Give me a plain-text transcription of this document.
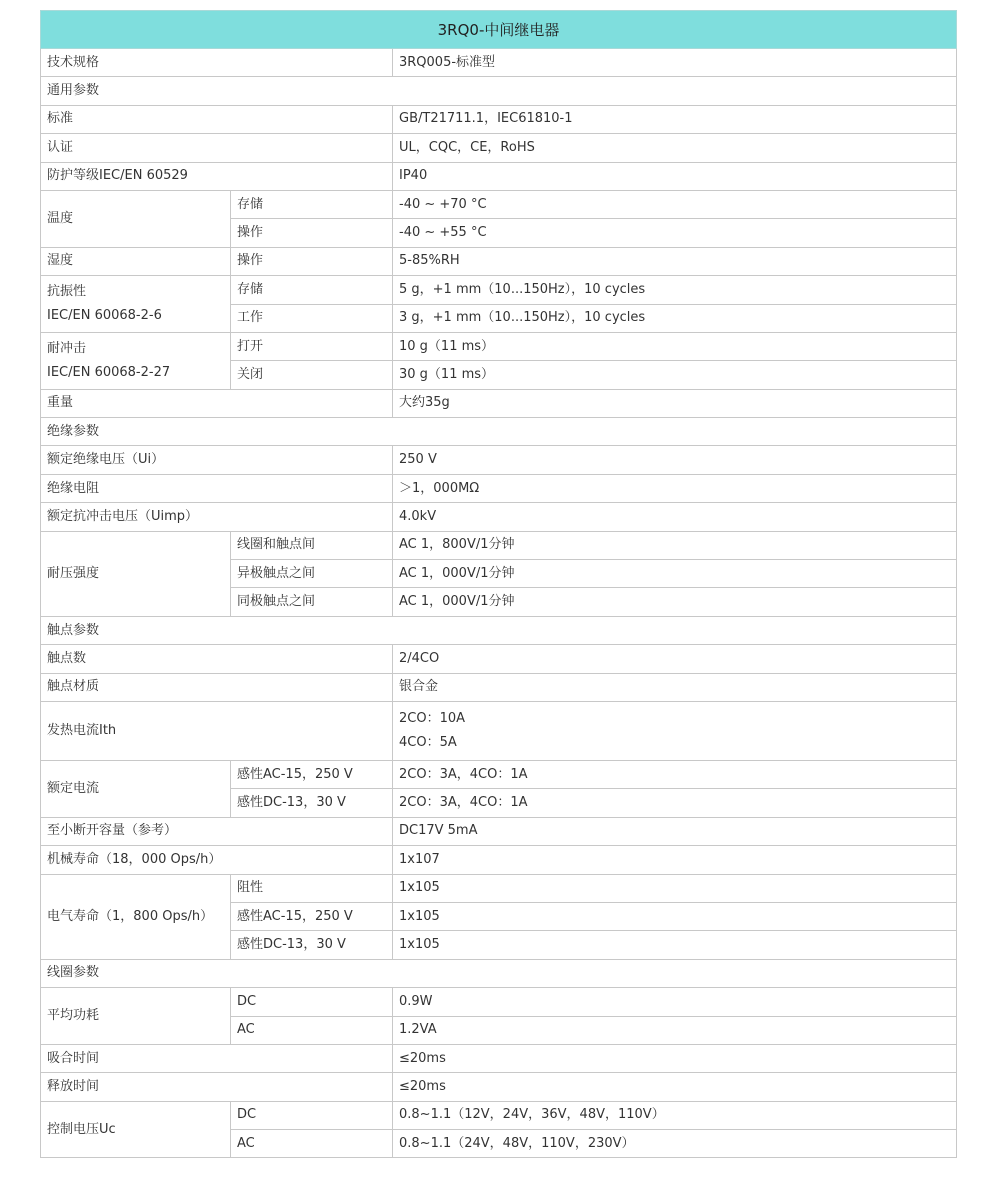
3RQ0-中间继电器		
技术规格		3RQ005-标准型
通用参数		
标准		GB/T21711.1，IEC61810-1
认证		UL，CQC，CE，RoHS
防护等级IEC/EN 60529		IP40
温度	存储	-40 ~ +70 °C
	操作	-40 ~ +55 °C
湿度	操作	5-85%RH

抗振性
IEC/EN 60068-2-6	存储	5 g，+1 mm（10...150Hz），10 cycles
	工作	3 g，+1 mm（10...150Hz），10 cycles

耐冲击
IEC/EN 60068-2-27	打开	10 g（11 ms）
	关闭	30 g（11 ms）
重量		大约35g
绝缘参数		
额定绝缘电压（Ui）		250 V
绝缘电阻		＞1，000MΩ
额定抗冲击电压（Uimp）		4.0kV
耐压强度	线圈和触点间	AC 1，800V/1分钟
	异极触点之间	AC 1，000V/1分钟
	同极触点之间	AC 1，000V/1分钟
触点参数		
触点数		2/4CO
触点材质		银合金
发热电流Ith		2CO：10A
4CO：5A

额定电流	感性AC-15，250 V	2CO：3A，4CO：1A
	感性DC-13，30 V	2CO：3A，4CO：1A
至小断开容量（参考）		DC17V 5mA
机械寿命（18，000 Ops/h）		1x107
电气寿命（1，800 Ops/h）	阻性	1x105
	感性AC-15，250 V	1x105
	感性DC-13，30 V	1x105
线圈参数		
平均功耗	DC	0.9W
	AC	1.2VA
吸合时间		≤20ms
释放时间		≤20ms
控制电压Uc	DC	0.8~1.1（12V，24V，36V，48V，110V）
	AC	0.8~1.1（24V，48V，110V，230V）
